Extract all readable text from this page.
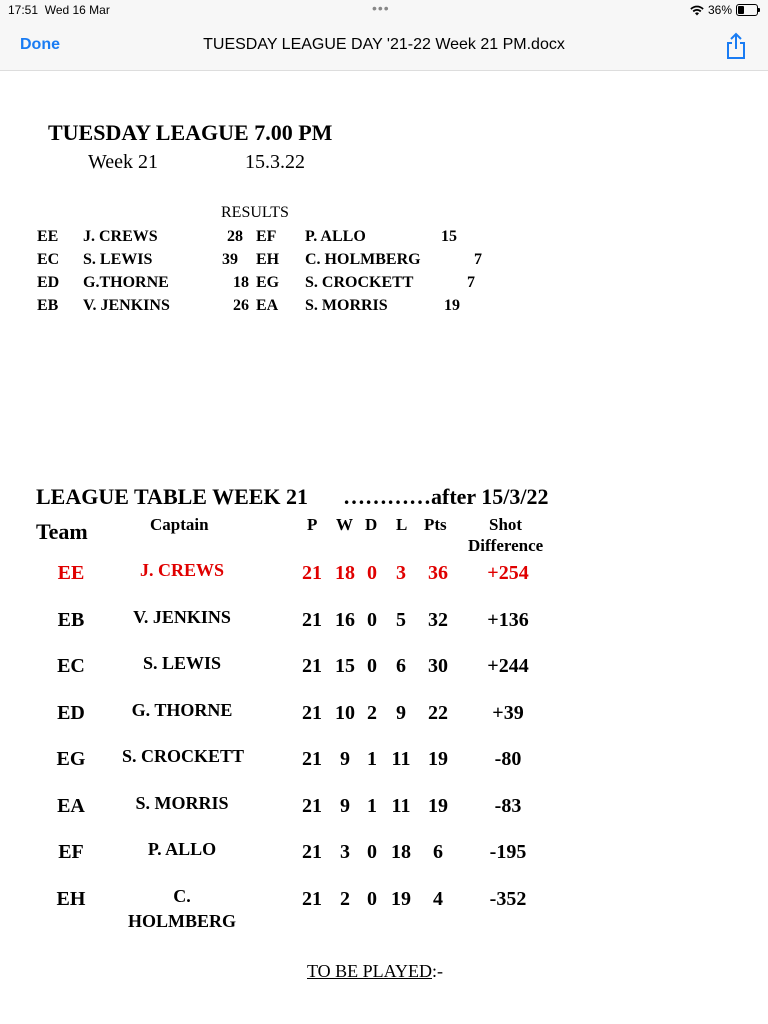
17:51 Wed 16 Mar	•••	36%
Done	TUESDAY LEAGUE DAY '21-22 Week 21 PM.docx
TUESDAY LEAGUE 7.00 PM
Week 21	15.3.22
RESULTS
EE J. CREWS	28 EF P. ALLO	15
EC S. LEWIS	39 EH C. HOLMBERG	7
ED G.THORNE	18 EG S. CROCKETT	7
EB V. JENKINS	26 EA S. MORRIS	19
LEAGUE TABLE WEEK 21 …………after 15/3/22
Team	Captain	P W D L Pts Shot
Difference
EE	J. CREWS	21 18 0 3	36	+254
EB	V. JENKINS	21 16 0 5	32	+136
EC	S. LEWIS	21 15 0 6	30	+244
ED	G. THORNE	21 10 2 9	22	+39
EG	S. CROCKETT	21 9 1 11 19	-80
EA	S. MORRIS	21 9 1 11 19	-83
EF	P. ALLO	21 3 0 18	6	-195
EH	C.	21 2 0 19	4	-352
HOLMBERG
TO BE PLAYED:-
